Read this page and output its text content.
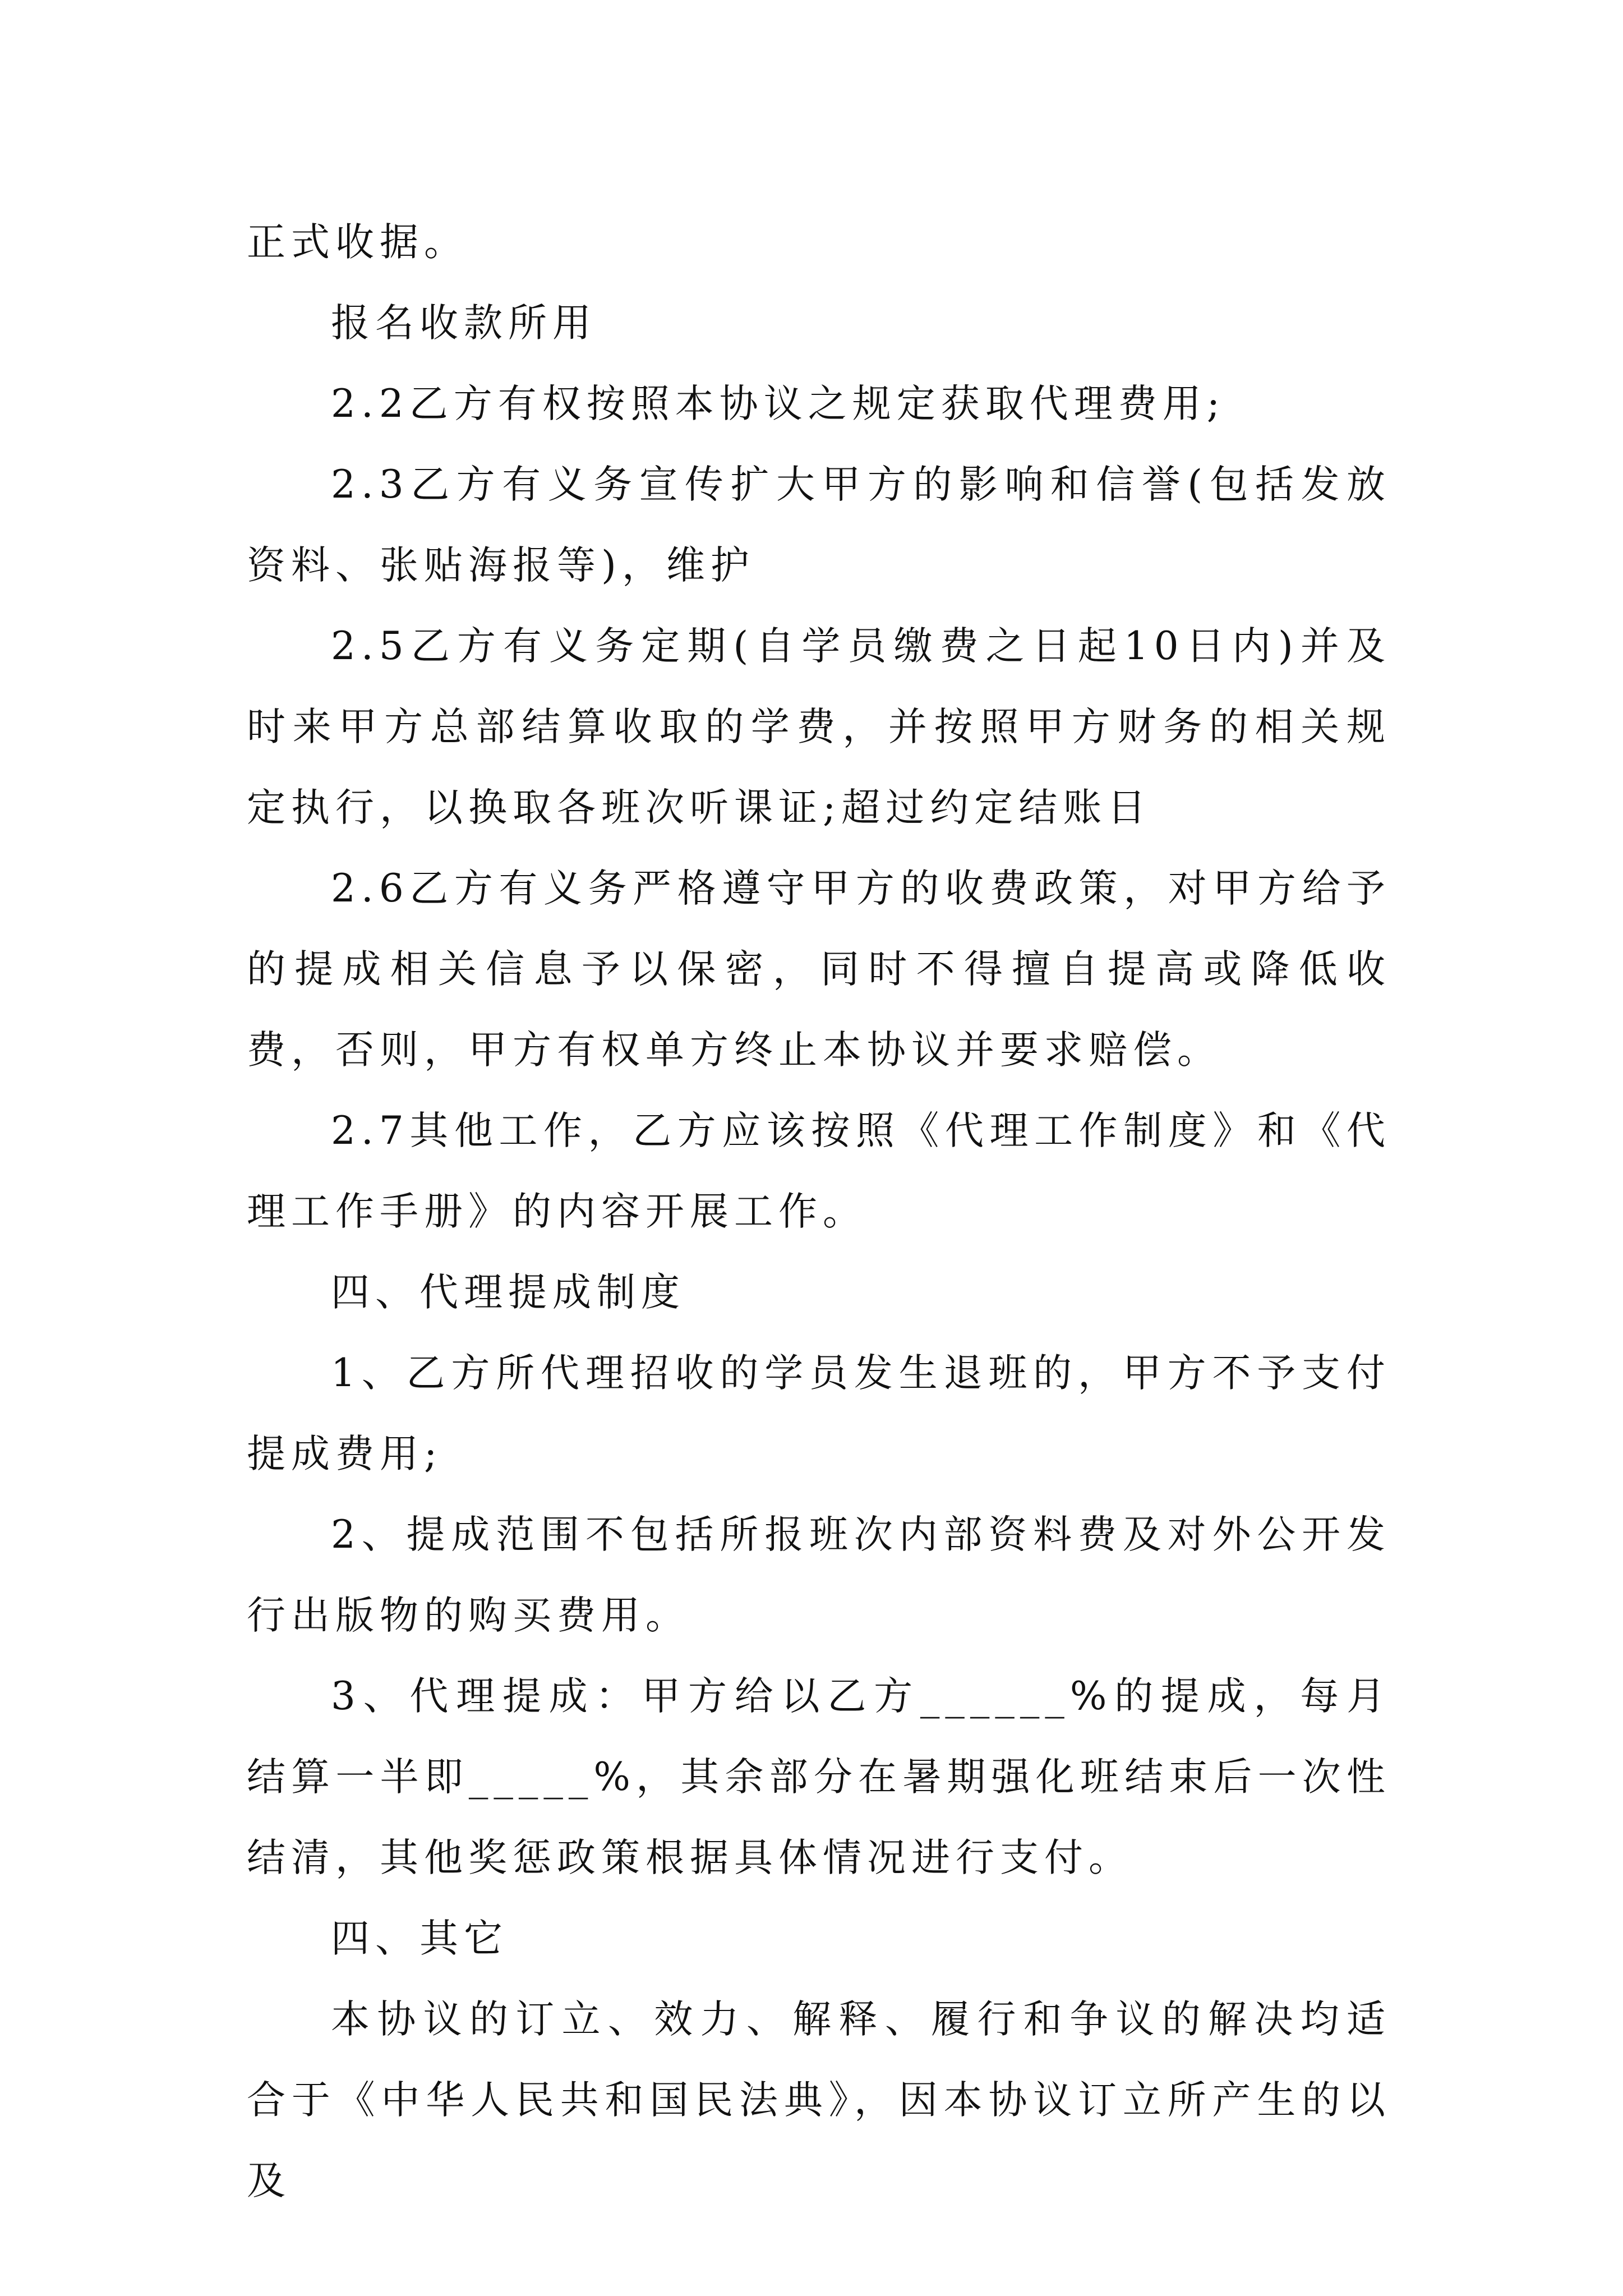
正式收据。

报名收款所用

2.2乙方有权按照本协议之规定获取代理费用;

2.3乙方有义务宣传扩大甲方的影响和信誉(包括发放资料、张贴海报等)，维护

2.5乙方有义务定期(自学员缴费之日起10日内)并及时来甲方总部结算收取的学费，并按照甲方财务的相关规定执行，以换取各班次听课证;超过约定结账日

2.6乙方有义务严格遵守甲方的收费政策，对甲方给予的提成相关信息予以保密，同时不得擅自提高或降低收费，否则，甲方有权单方终止本协议并要求赔偿。

2.7其他工作，乙方应该按照《代理工作制度》和《代理工作手册》的内容开展工作。

四、代理提成制度

1、乙方所代理招收的学员发生退班的，甲方不予支付提成费用;

2、提成范围不包括所报班次内部资料费及对外公开发行出版物的购买费用。

3、代理提成：甲方给以乙方______%的提成，每月结算一半即_____%，其余部分在暑期强化班结束后一次性结清，其他奖惩政策根据具体情况进行支付。

四、其它

本协议的订立、效力、解释、履行和争议的解决均适合于《中华人民共和国民法典》，因本协议订立所产生的以及
